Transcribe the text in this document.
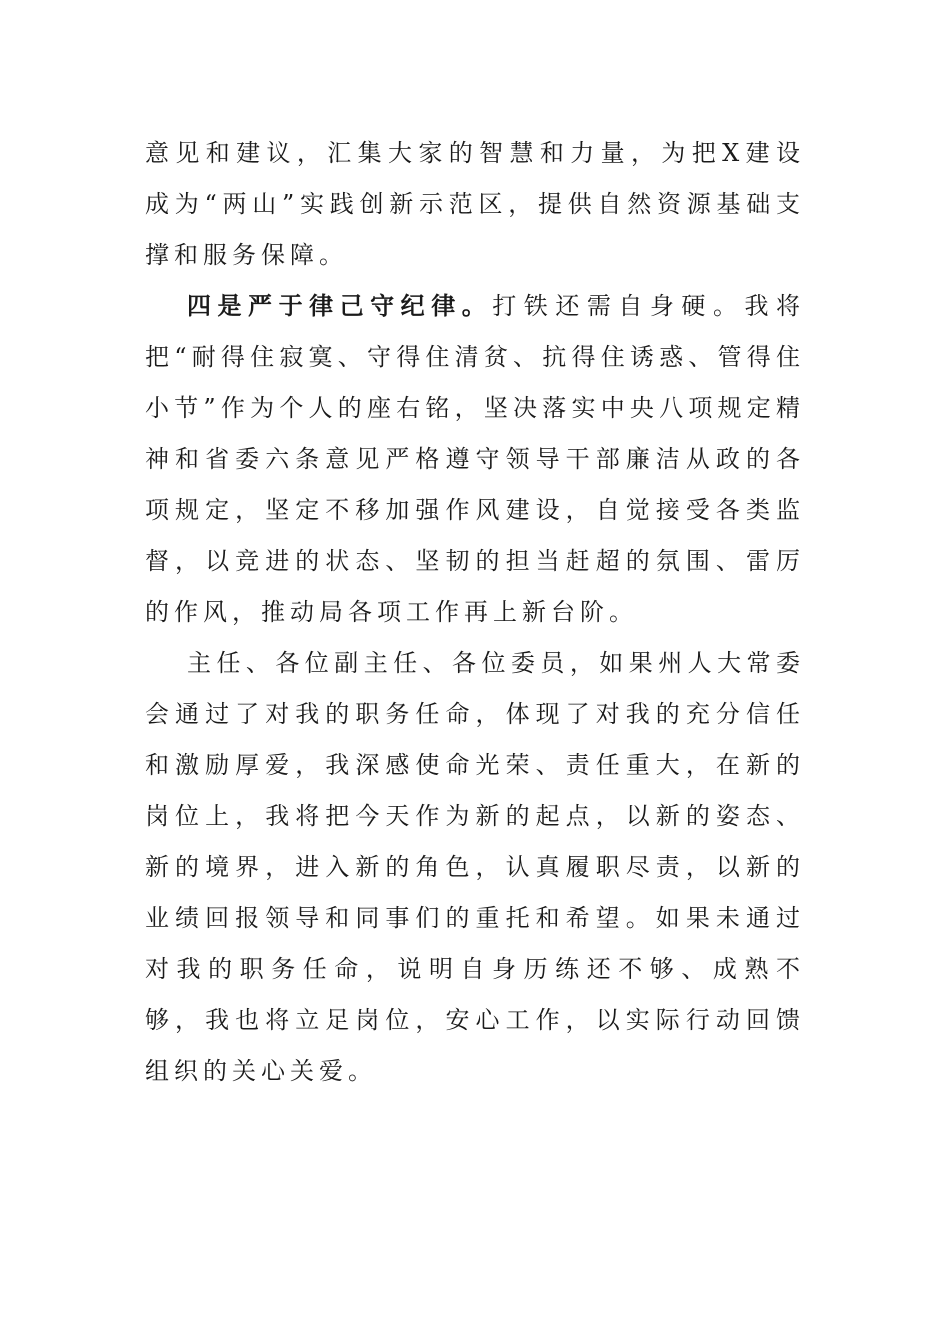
意见和建议，汇集大家的智慧和力量，为把X建设成为“两山”实践创新示范区，提供自然资源基础支撑和服务保障。

四是严于律己守纪律。打铁还需自身硬。我将把“耐得住寂寞、守得住清贫、抗得住诱惑、管得住小节”作为个人的座右铭，坚决落实中央八项规定精神和省委六条意见严格遵守领导干部廉洁从政的各项规定，坚定不移加强作风建设，自觉接受各类监督，以竞进的状态、坚韧的担当赶超的氛围、雷厉的作风，推动局各项工作再上新台阶。

主任、各位副主任、各位委员，如果州人大常委会通过了对我的职务任命，体现了对我的充分信任和激励厚爱，我深感使命光荣、责任重大，在新的岗位上，我将把今天作为新的起点，以新的姿态、新的境界，进入新的角色，认真履职尽责，以新的业绩回报领导和同事们的重托和希望。如果未通过对我的职务任命，说明自身历练还不够、成熟不够，我也将立足岗位，安心工作，以实际行动回馈组织的关心关爱。
